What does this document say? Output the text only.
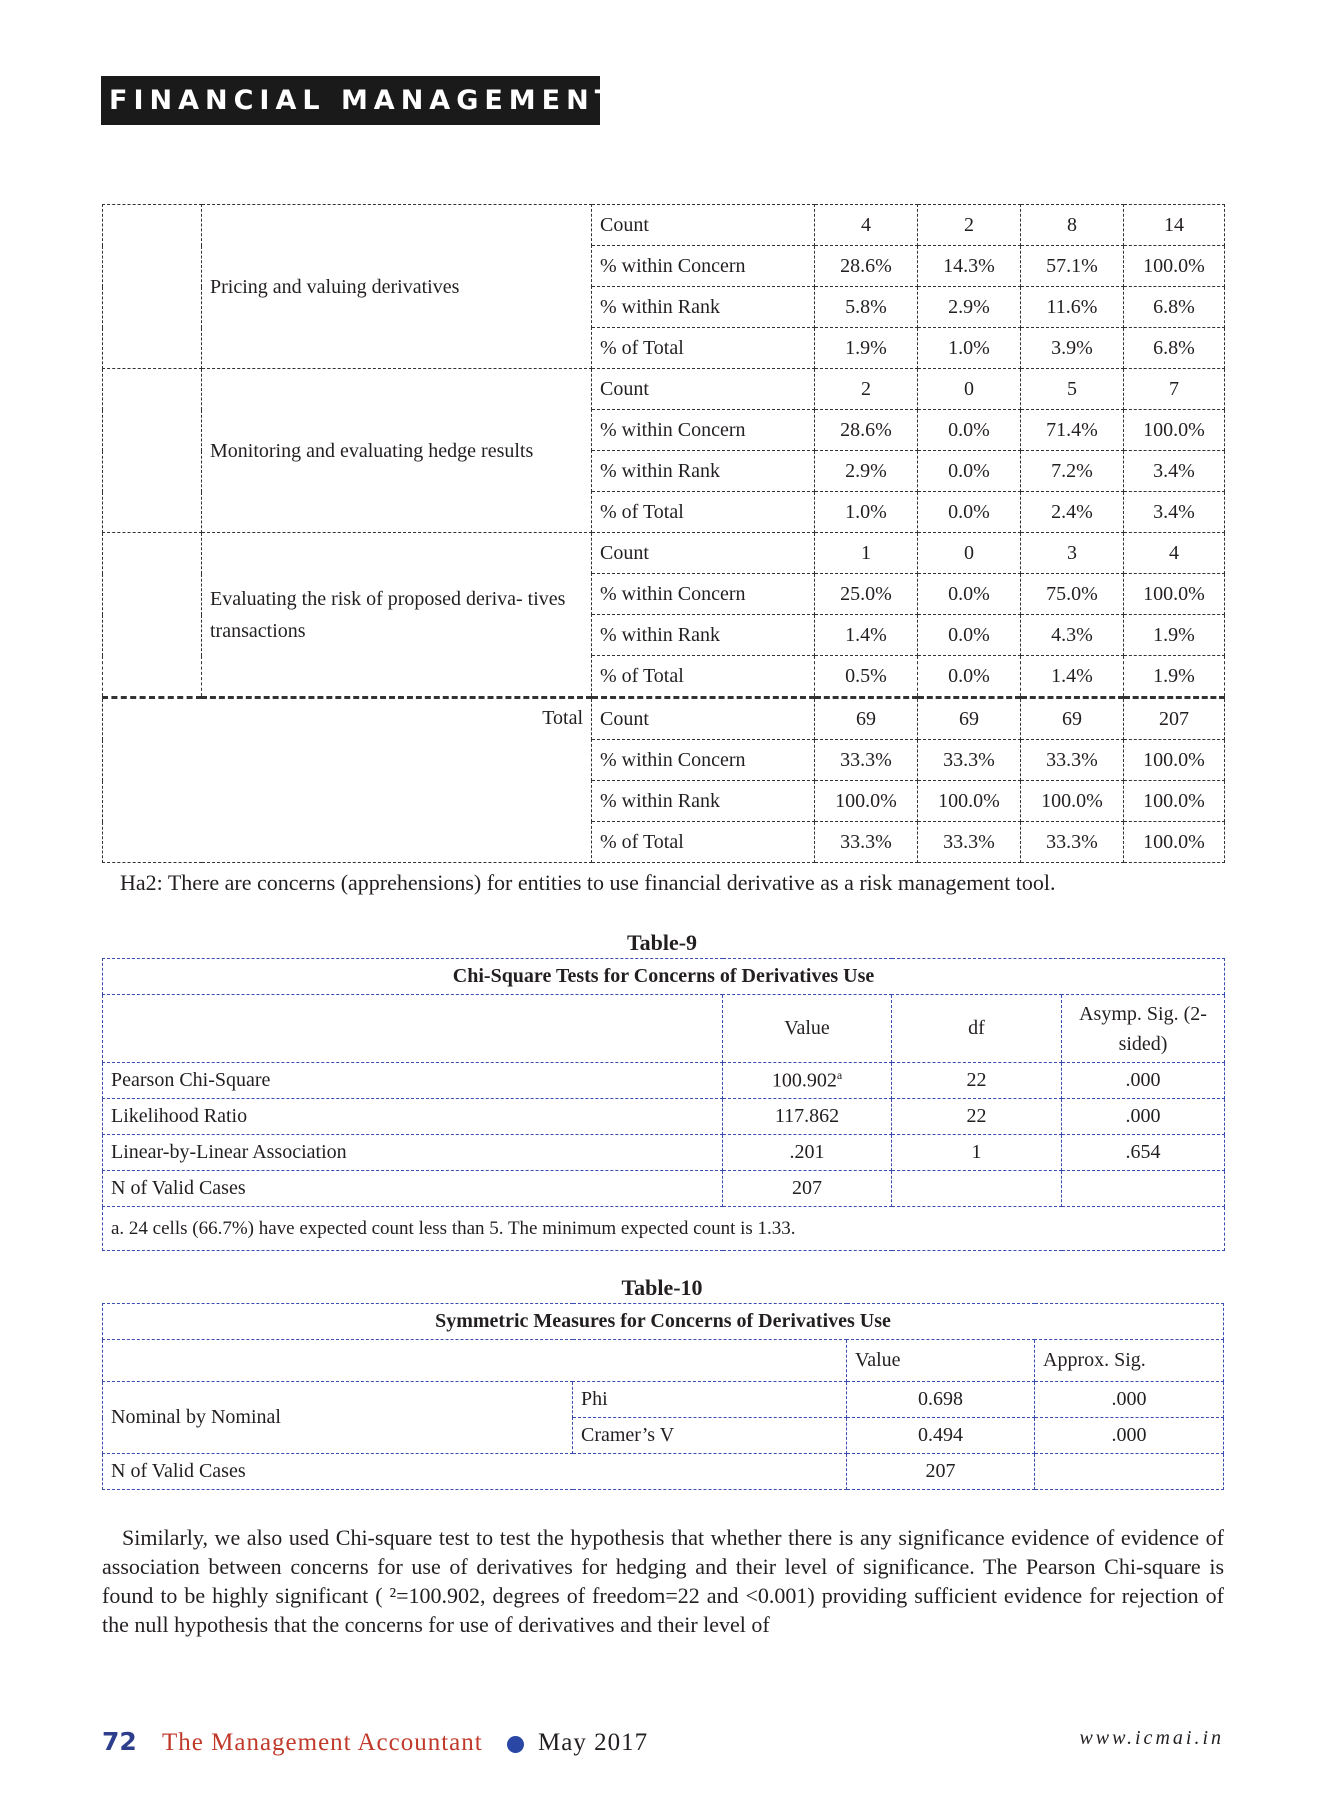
FINANCIAL MANAGEMENT
	Pricing and valuing derivatives	Count	4	2	8	14
		% within Concern	28.6%	14.3%	57.1%	100.0%
		% within Rank	5.8%	2.9%	11.6%	6.8%
		% of Total	1.9%	1.0%	3.9%	6.8%
	Monitoring and evaluating hedge results	Count	2	0	5	7
		% within Concern	28.6%	0.0%	71.4%	100.0%
		% within Rank	2.9%	0.0%	7.2%	3.4%
		% of Total	1.0%	0.0%	2.4%	3.4%
	Evaluating the risk of proposed deriva- tives transactions	Count	1	0	3	4
		% within Concern	25.0%	0.0%	75.0%	100.0%
		% within Rank	1.4%	0.0%	4.3%	1.9%
		% of Total	0.5%	0.0%	1.4%	1.9%
Total		Count	69	69	69	207
		% within Concern	33.3%	33.3%	33.3%	100.0%
		% within Rank	100.0%	100.0%	100.0%	100.0%
		% of Total	33.3%	33.3%	33.3%	100.0%
Ha2: There are concerns (apprehensions) for entities to use financial derivative as a risk management tool.
Table-9
Chi-Square Tests for Concerns of Derivatives Use			
	Value	df	Asymp. Sig. (2-sided)
Pearson Chi-Square	100.902$^a$	22	.000
Likelihood Ratio	117.862	22	.000
Linear-by-Linear Association	.201	1	.654
N of Valid Cases	207		
a. 24 cells (66.7%) have expected count less than 5. The minimum expected count is 1.33.			
Table-10
Symmetric Measures for Concerns of Derivatives Use			
		Value	Approx. Sig.
Nominal by Nominal	Phi	0.698	.000
	Cramer’s V	0.494	.000
N of Valid Cases		207	

Similarly, we also used Chi-square test to test the hypothesis that whether there is any significance evidence of evidence of association between concerns for use of derivatives for hedging and their level of significance. The Pearson Chi-square is found to be highly significant ( ²=100.902, degrees of freedom=22 and <0.001) providing sufficient evidence for rejection of the null hypothesis that the concerns for use of derivatives and their level of

72 The Management Accountant May 2017	www.icmai.in
